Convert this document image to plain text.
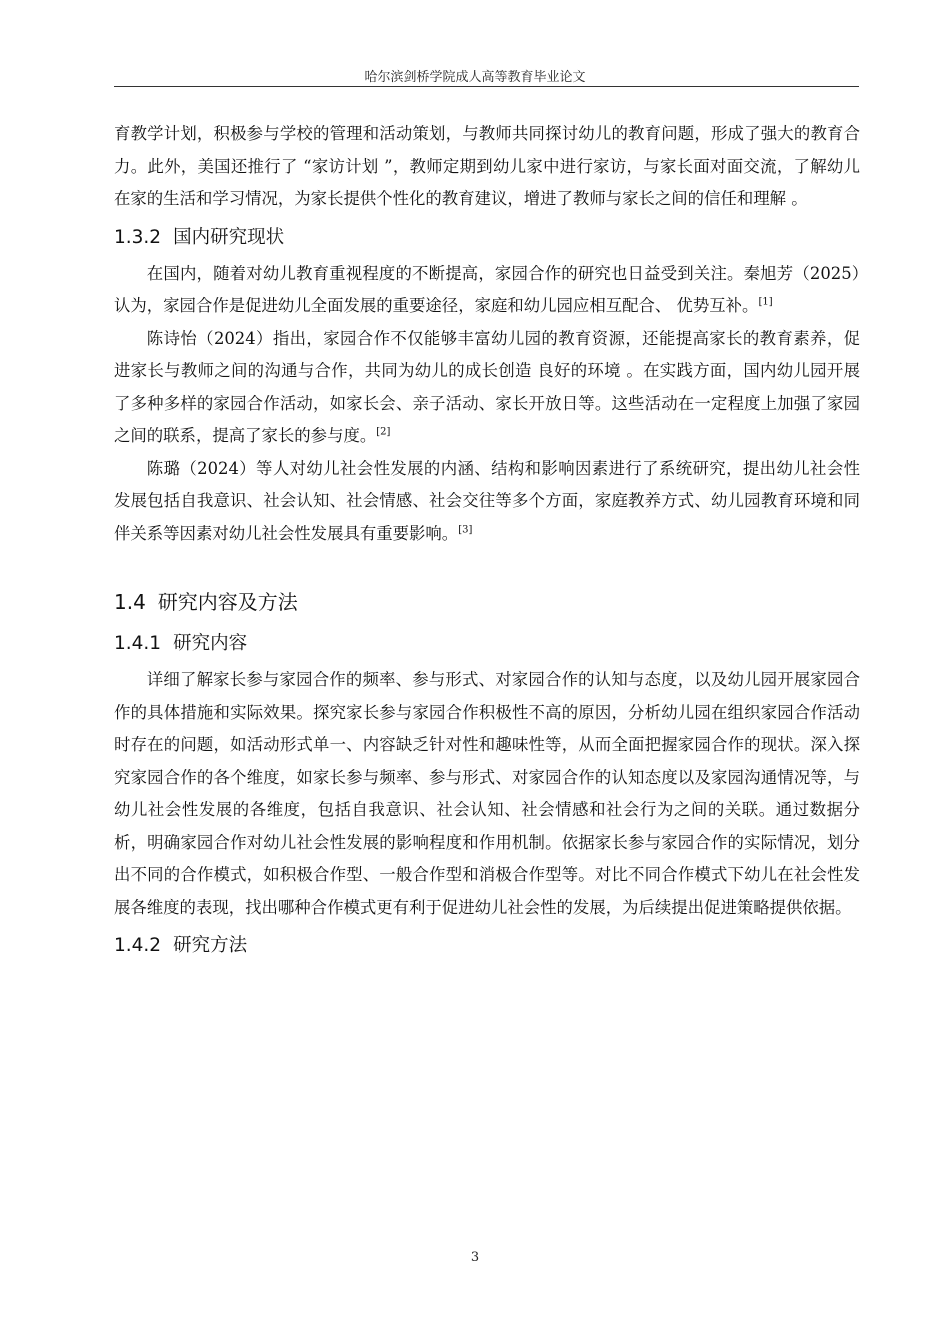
哈尔滨剑桥学院成人高等教育毕业论文

育教学计划，积极参与学校的管理和活动策划，与教师共同探讨幼儿的教育问题，形成了强大的教育合力。此外，美国还推行了 “家访计划 ”，教师定期到幼儿家中进行家访，与家长面对面交流，了解幼儿在家的生活和学习情况，为家长提供个性化的教育建议，增进了教师与家长之间的信任和理解 。

1.3.2 国内研究现状

在国内，随着对幼儿教育重视程度的不断提高，家园合作的研究也日益受到关注。秦旭芳（2025）认为，家园合作是促进幼儿全面发展的重要途径，家庭和幼儿园应相互配合、 优势互补。[1]

陈诗怡（2024）指出，家园合作不仅能够丰富幼儿园的教育资源，还能提高家长的教育素养，促进家长与教师之间的沟通与合作，共同为幼儿的成长创造 良好的环境 。在实践方面，国内幼儿园开展了多种多样的家园合作活动，如家长会、亲子活动、家长开放日等。这些活动在一定程度上加强了家园之间的联系，提高了家长的参与度。[2]

陈璐（2024）等人对幼儿社会性发展的内涵、结构和影响因素进行了系统研究，提出幼儿社会性发展包括自我意识、社会认知、社会情感、社会交往等多个方面，家庭教养方式、幼儿园教育环境和同伴关系等因素对幼儿社会性发展具有重要影响。[3]

1.4 研究内容及方法
1.4.1 研究内容

详细了解家长参与家园合作的频率、参与形式、对家园合作的认知与态度，以及幼儿园开展家园合作的具体措施和实际效果。探究家长参与家园合作积极性不高的原因，分析幼儿园在组织家园合作活动时存在的问题，如活动形式单一、内容缺乏针对性和趣味性等，从而全面把握家园合作的现状。深入探究家园合作的各个维度，如家长参与频率、参与形式、对家园合作的认知态度以及家园沟通情况等，与幼儿社会性发展的各维度，包括自我意识、社会认知、社会情感和社会行为之间的关联。通过数据分析，明确家园合作对幼儿社会性发展的影响程度和作用机制。依据家长参与家园合作的实际情况，划分出不同的合作模式，如积极合作型、一般合作型和消极合作型等。对比不同合作模式下幼儿在社会性发展各维度的表现，找出哪种合作模式更有利于促进幼儿社会性的发展，为后续提出促进策略提供依据。

1.4.2 研究方法
3
